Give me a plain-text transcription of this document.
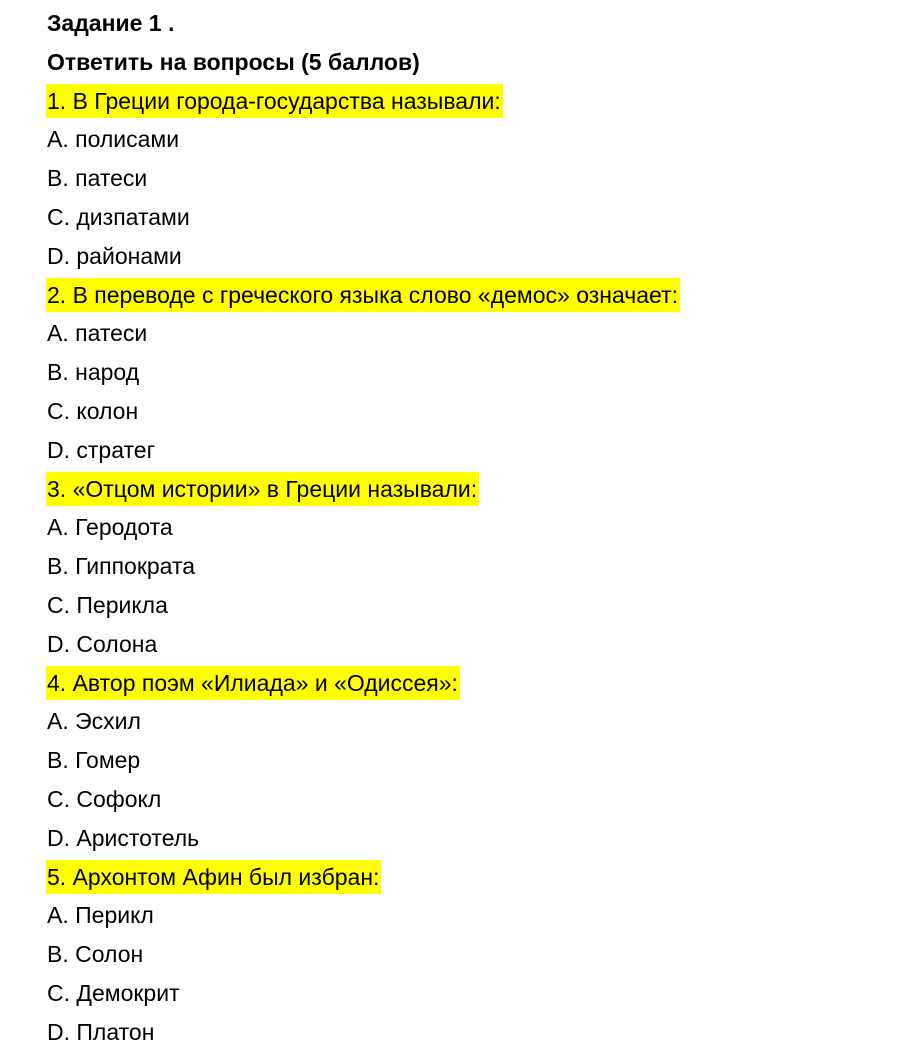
Задание 1 .
Ответить на вопросы (5 баллов)
1. В Греции города-государства называли:
А. полисами
В. патеси
С. дизпатами
D. районами
2. В переводе с греческого языка слово «демос» означает:
А. патеси
В. народ
С. колон
D. стратег
3. «Отцом истории» в Греции называли:
А. Геродота
В. Гиппократа
С. Перикла
D. Солона
4. Автор поэм «Илиада» и «Одиссея»:
А. Эсхил
В. Гомер
С. Софокл
D. Аристотель
5. Архонтом Афин был избран:
А. Перикл
В. Солон
С. Демокрит
D. Платон
